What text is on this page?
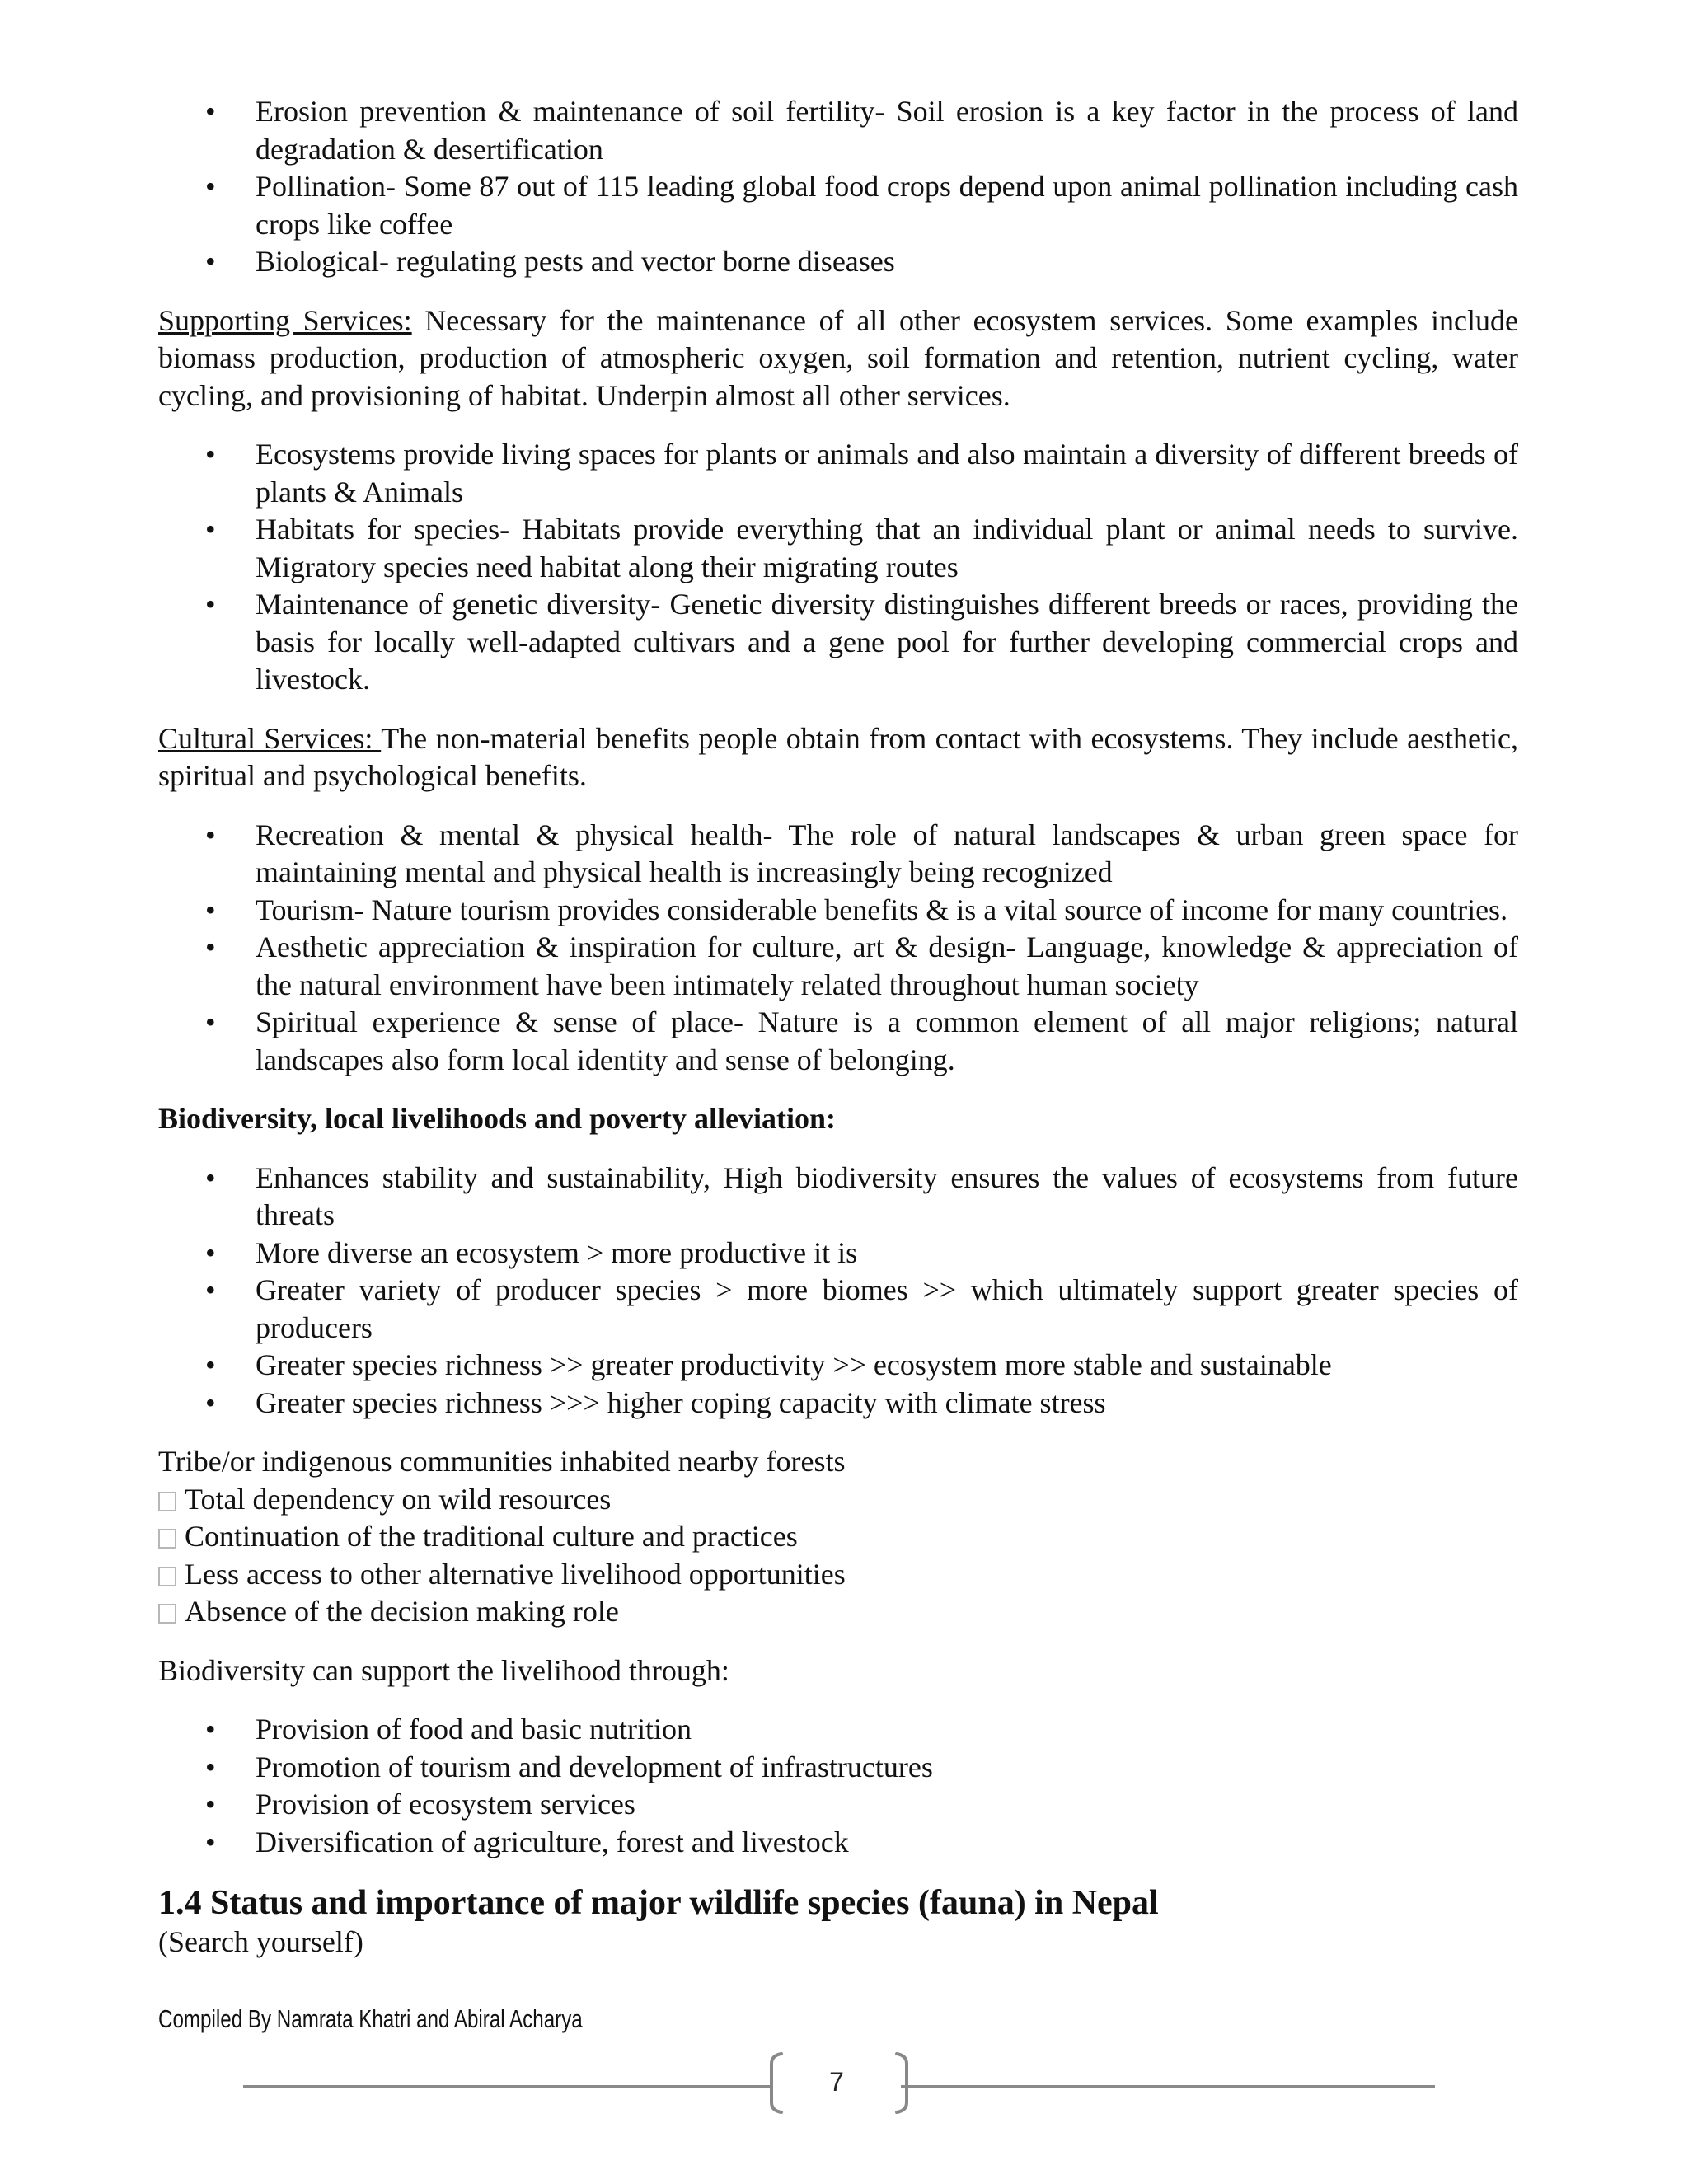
• Erosion prevention & maintenance of soil fertility- Soil erosion is a key factor in the process of land degradation & desertification
• Pollination- Some 87 out of 115 leading global food crops depend upon animal pollination including cash crops like coffee
• Biological- regulating pests and vector borne diseases

Supporting Services: Necessary for the maintenance of all other ecosystem services. Some examples include biomass production, production of atmospheric oxygen, soil formation and retention, nutrient cycling, water cycling, and provisioning of habitat. Underpin almost all other services.

• Ecosystems provide living spaces for plants or animals and also maintain a diversity of different breeds of plants & Animals
• Habitats for species- Habitats provide everything that an individual plant or animal needs to survive. Migratory species need habitat along their migrating routes
• Maintenance of genetic diversity- Genetic diversity distinguishes different breeds or races, providing the basis for locally well-adapted cultivars and a gene pool for further developing commercial crops and livestock.

Cultural Services: The non-material benefits people obtain from contact with ecosystems. They include aesthetic, spiritual and psychological benefits.

• Recreation & mental & physical health- The role of natural landscapes & urban green space for maintaining mental and physical health is increasingly being recognized
• Tourism- Nature tourism provides considerable benefits & is a vital source of income for many countries.
• Aesthetic appreciation & inspiration for culture, art & design- Language, knowledge & appreciation of the natural environment have been intimately related throughout human society
• Spiritual experience & sense of place- Nature is a common element of all major religions; natural landscapes also form local identity and sense of belonging.

Biodiversity, local livelihoods and poverty alleviation:

• Enhances stability and sustainability, High biodiversity ensures the values of ecosystems from future threats
• More diverse an ecosystem > more productive it is
• Greater variety of producer species > more biomes >> which ultimately support greater species of producers
• Greater species richness >> greater productivity >> ecosystem more stable and sustainable
• Greater species richness >>> higher coping capacity with climate stress
Tribe/or indigenous communities inhabited nearby forests
Total dependency on wild resources
Continuation of the traditional culture and practices
Less access to other alternative livelihood opportunities
Absence of the decision making role

Biodiversity can support the livelihood through:

• Provision of food and basic nutrition
• Promotion of tourism and development of infrastructures
• Provision of ecosystem services
• Diversification of agriculture, forest and livestock
1.4 Status and importance of major wildlife species (fauna) in Nepal

(Search yourself)

Compiled By Namrata Khatri and Abiral Acharya
7
